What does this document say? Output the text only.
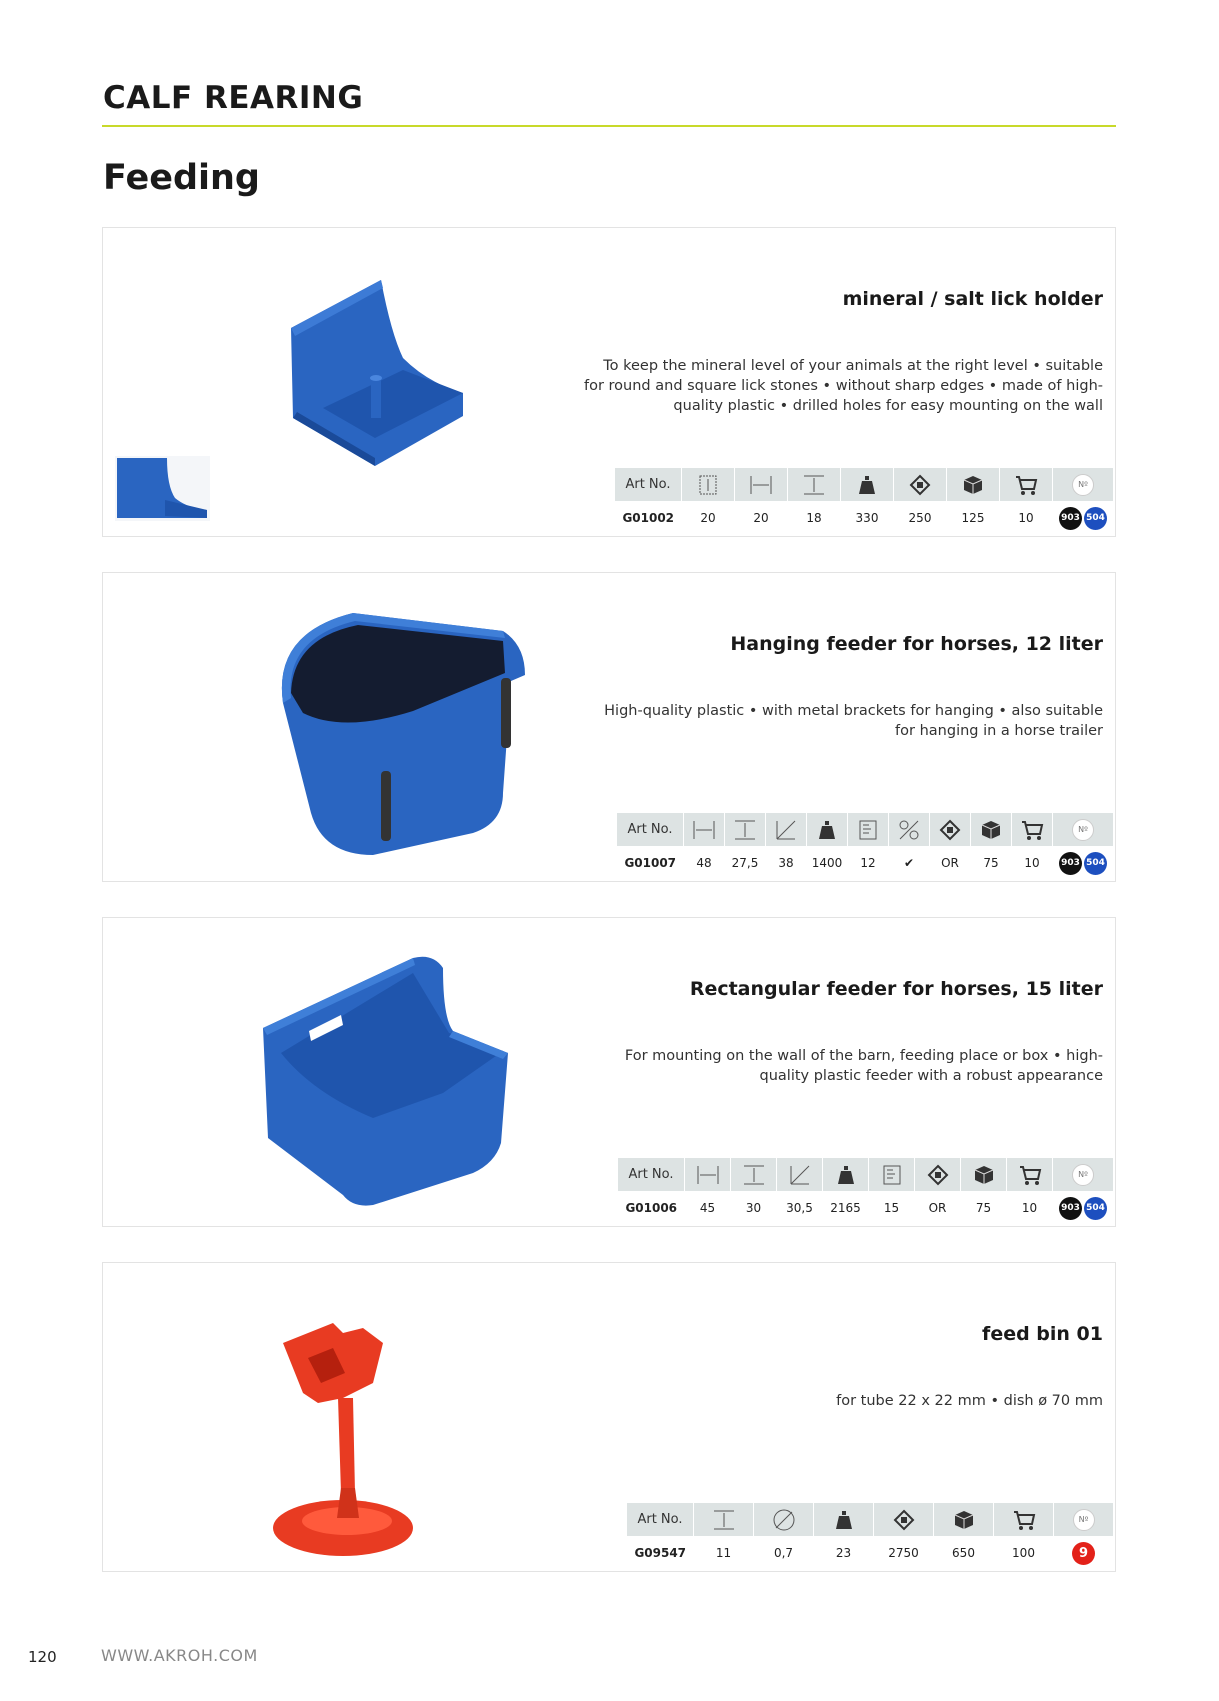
CALF REARING
Feeding
mineral / salt lick holder
To keep the mineral level of your animals at the right level • suitable for round and square lick stones • without sharp edges • made of high-quality plastic • drilled holes for easy mounting on the wall
Art No.								Nº
G01002	20	20	18	330	250	125	10	903 504
Hanging feeder for horses, 12 liter
High-quality plastic • with metal brackets for hanging • also suitable for hanging in a horse trailer
Art No.										Nº
G01007	48	27,5	38	1400	12	✔	OR	75	10	903 504
Rectangular feeder for horses, 15 liter
For mounting on the wall of the barn, feeding place or box • high-quality plastic feeder with a robust appearance
Art No.									Nº
G01006	45	30	30,5	2165	15	OR	75	10	903 504
feed bin 01
for tube 22 x 22 mm • dish ø 70 mm
Art No.							Nº
G09547	11	0,7	23	2750	650	100	9
120	WWW.AKROH.COM
